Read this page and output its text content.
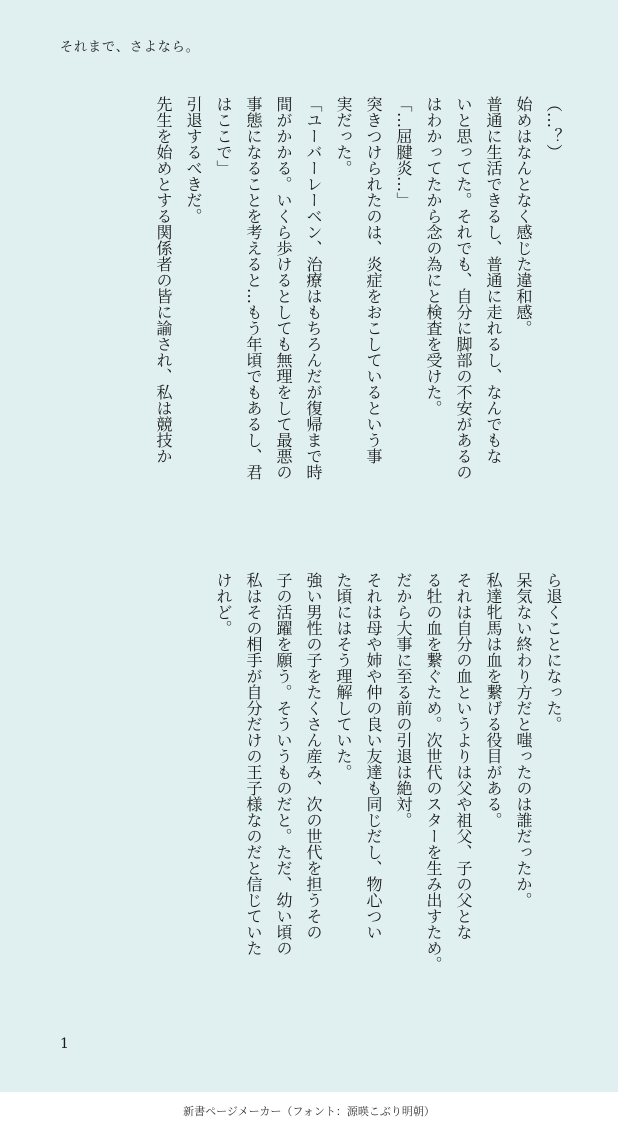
それまで、さよなら。
（…？）
始めはなんとなく感じた違和感。
普通に生活できるし、普通に走れるし、なんでもな
いと思ってた。それでも、自分に脚部の不安があるの
はわかってたから念の為にと検査を受けた。
「…屈腱炎…」
突きつけられたのは、炎症をおこしているという事
実だった。
「ユーバーレーベン、治療はもちろんだが復帰まで時
間がかかる。いくら歩けるとしても無理をして最悪の
事態になることを考えると…もう年頃でもあるし、君
はここで」
引退するべきだ。
先生を始めとする関係者の皆に諭され、私は競技か
ら退くことになった。
呆気ない終わり方だと嗤ったのは誰だったか。
私達牝馬は血を繋げる役目がある。
それは自分の血というよりは父や祖父、子の父とな
る牡の血を繋ぐため。次世代のスターを生み出すため。
だから大事に至る前の引退は絶対。
それは母や姉や仲の良い友達も同じだし、物心つい
た頃にはそう理解していた。
強い男性の子をたくさん産み、次の世代を担うその
子の活躍を願う。そういうものだと。ただ、幼い頃の
私はその相手が自分だけの王子様なのだと信じていた
けれど。
1
新書ページメーカー（フォント：源暎こぶり明朝）
